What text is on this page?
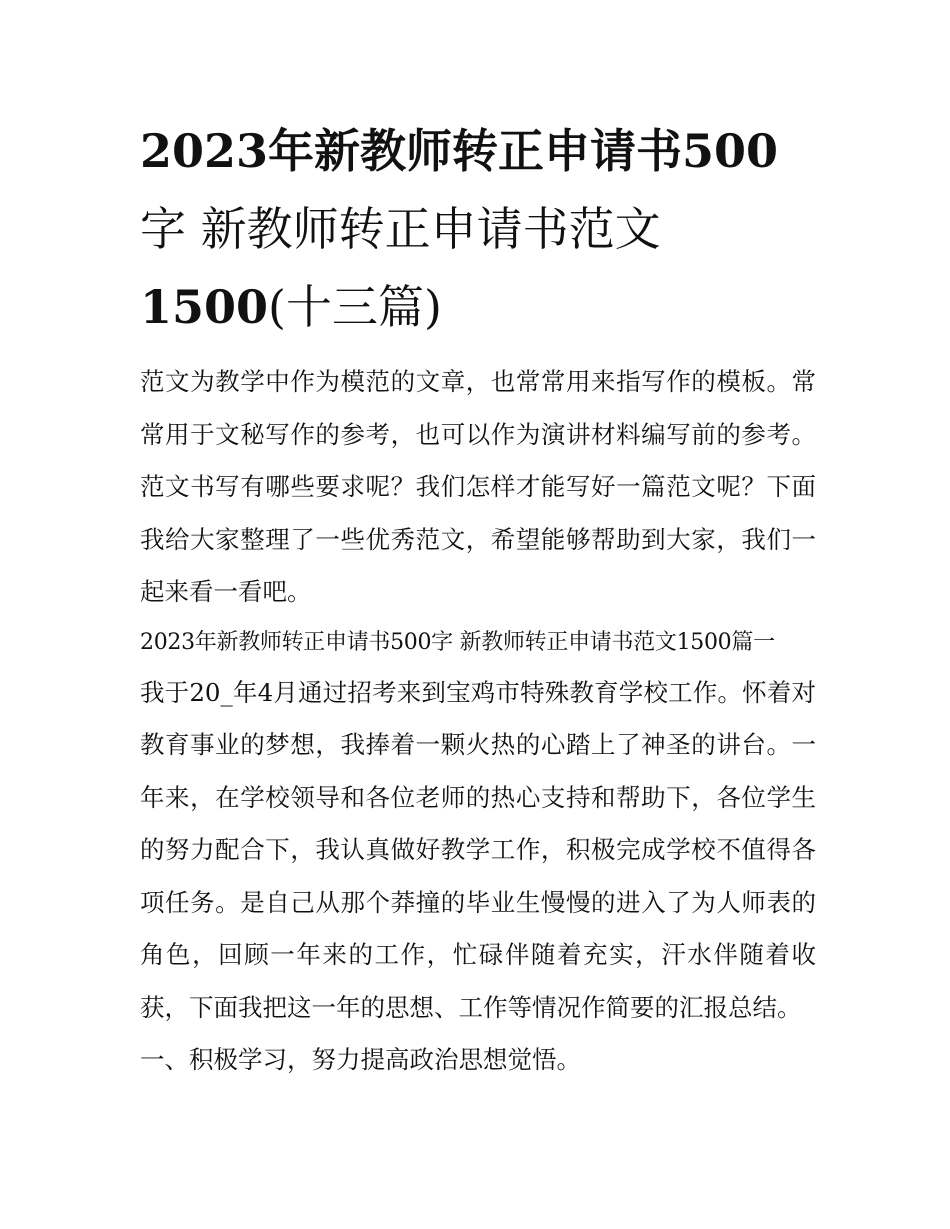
2023年新教师转正申请书500
字 新教师转正申请书范文
1500(十三篇)

范文为教学中作为模范的文章，也常常用来指写作的模板。常常用于文秘写作的参考，也可以作为演讲材料编写前的参考。范文书写有哪些要求呢？我们怎样才能写好一篇范文呢？下面我给大家整理了一些优秀范文，希望能够帮助到大家，我们一起来看一看吧。

2023年新教师转正申请书500字 新教师转正申请书范文1500篇一

我于20_年4月通过招考来到宝鸡市特殊教育学校工作。怀着对教育事业的梦想，我捧着一颗火热的心踏上了神圣的讲台。一年来，在学校领导和各位老师的热心支持和帮助下，各位学生的努力配合下，我认真做好教学工作，积极完成学校不值得各项任务。是自己从那个莽撞的毕业生慢慢的进入了为人师表的角色，回顾一年来的工作，忙碌伴随着充实，汗水伴随着收获，下面我把这一年的思想、工作等情况作简要的汇报总结。

一、积极学习，努力提高政治思想觉悟。
